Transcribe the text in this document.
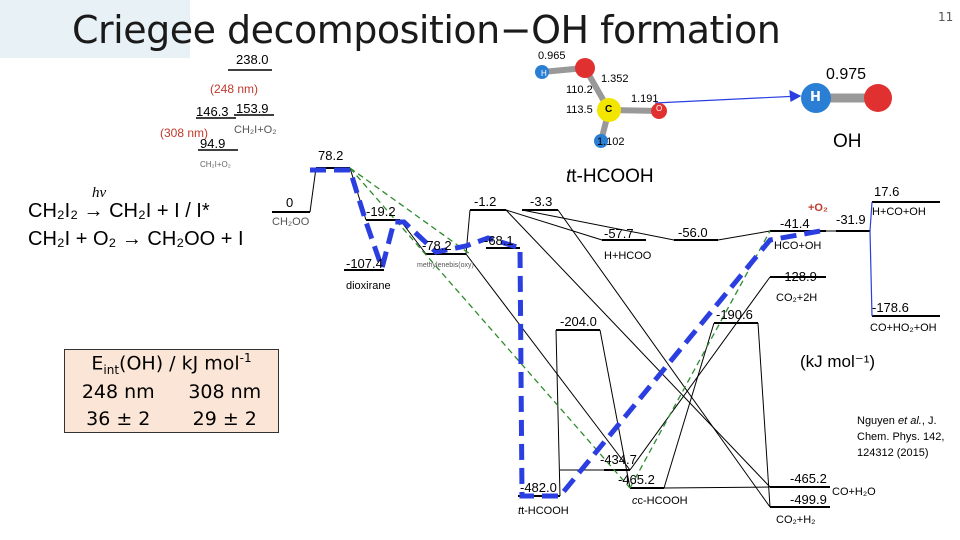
Criegee decomposition−OH formation	11
238.0
(248 nm)
146.3 153.9
(308 nm) CH₂I+O₂
94.9
CH₂I+O₂
hν
CH₂I₂ → CH₂I + I / I*
CH₂I + O₂ → CH₂OO + I
0.965
H	1.352
110.2
1.191
113.5 C	O
1.102
tt-HCOOH
0.975
H
OH
0
CH₂OO
78.2
-19.2
-107.4
dioxirane
-78.2
methylenebis(oxy)
-68.1
-1.2	-3.3
-57.7
H+HCOO
-56.0
-204.0	-190.6
-482.0
tt-HCOOH
-434.7
-465.2
cc-HCOOH
-465.2
CO+H₂O
-499.9
CO₂+H₂
+O₂
-41.4
HCO+OH
-31.9
17.6
H+CO+OH
-128.9
CO₂+2H
-178.6
CO+HO₂+OH
(kJ mol⁻¹)
$E_{int}(OH)$ / kJ mol$^{-1}$
248 nm	308 nm
36 ± 2	29 ± 2	Nguyen et al., J. Chem. Phys. 142, 124312 (2015)
